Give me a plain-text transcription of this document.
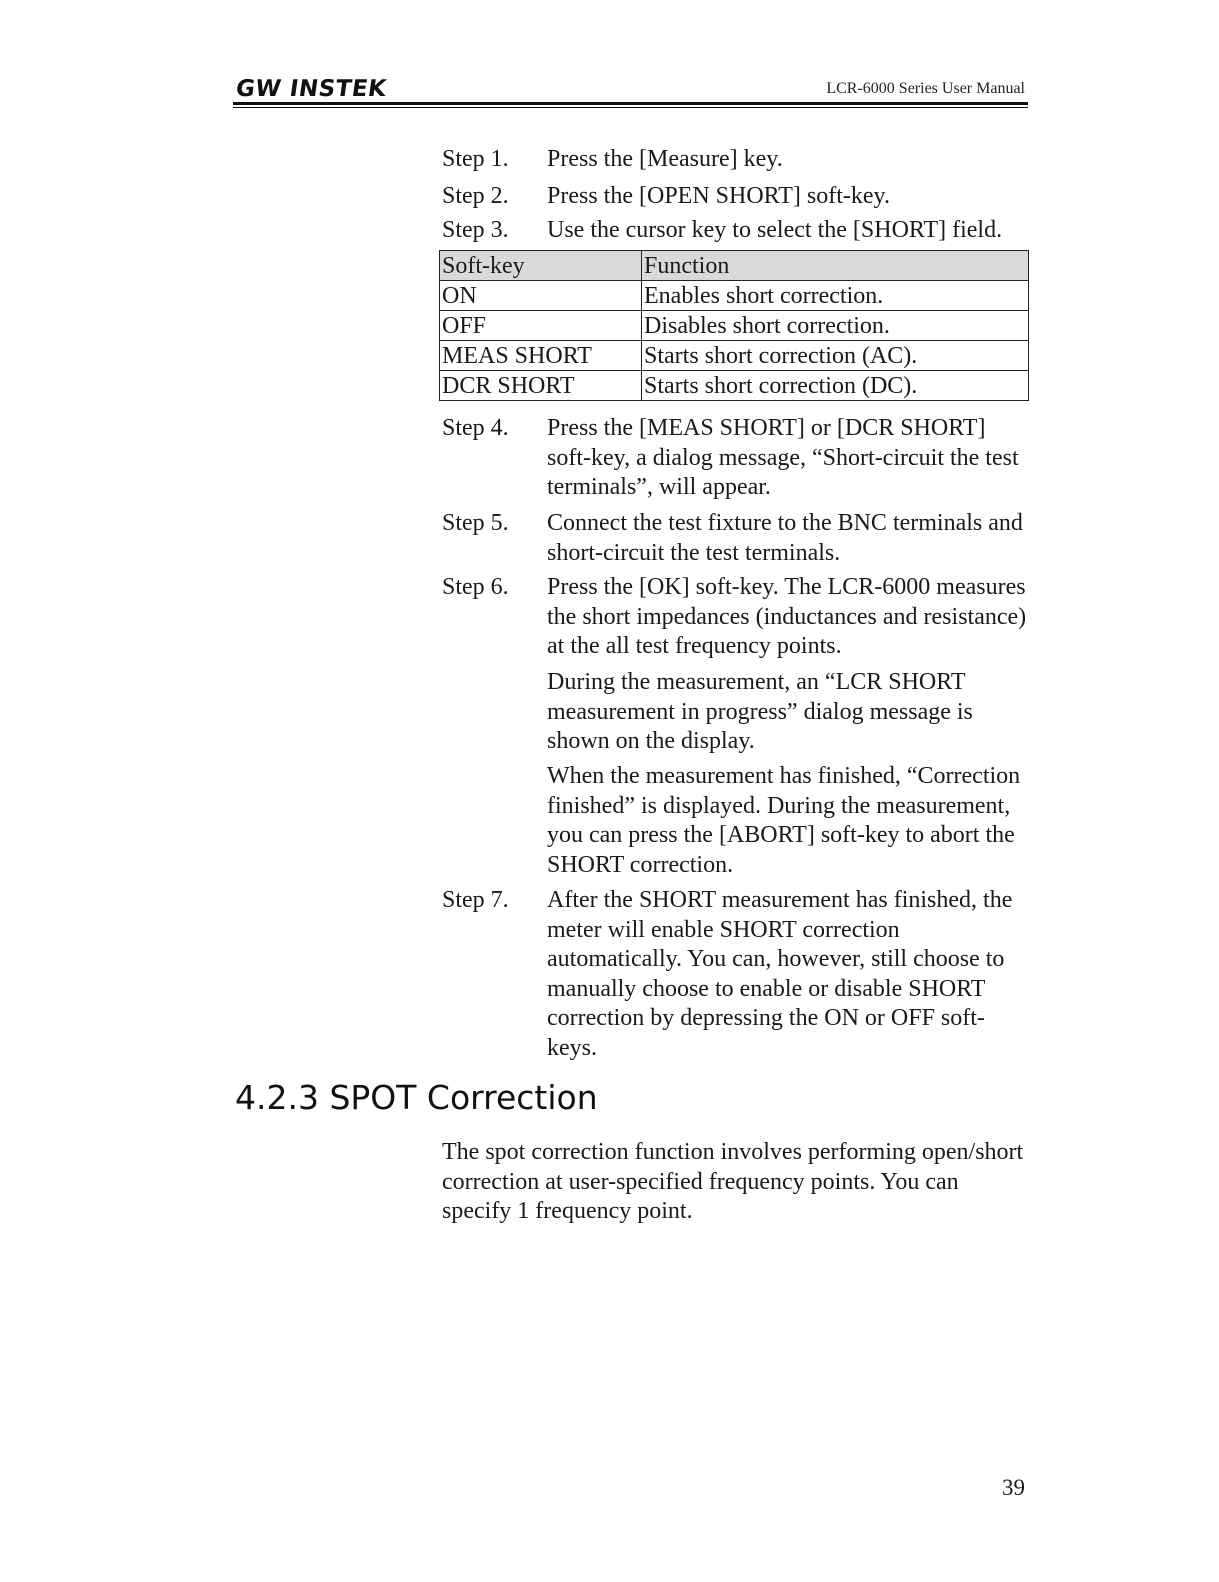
GW INSTEK	LCR-6000 Series User Manual
Step 1. Press the [Measure] key.
Step 2. Press the [OPEN SHORT] soft-key.
Step 3. Use the cursor key to select the [SHORT] field.
Soft-key	Function
ON	Enables short correction.
OFF	Disables short correction.
MEAS SHORT	Starts short correction (AC).
DCR SHORT	Starts short correction (DC).
Step 4. Press the [MEAS SHORT] or [DCR SHORT] soft-key, a dialog message, “Short-circuit the test terminals”, will appear.
Step 5. Connect the test fixture to the BNC terminals and short-circuit the test terminals.
Step 6. Press the [OK] soft-key. The LCR-6000 measures the short impedances (inductances and resistance) at the all test frequency points.
During the measurement, an “LCR SHORT measurement in progress” dialog message is shown on the display.
When the measurement has finished, “Correction finished” is displayed. During the measurement, you can press the [ABORT] soft-key to abort the SHORT correction.
Step 7. After the SHORT measurement has finished, the meter will enable SHORT correction automatically. You can, however, still choose to manually choose to enable or disable SHORT correction by depressing the ON or OFF soft-keys.
4.2.3 SPOT Correction
The spot correction function involves performing open/short correction at user-specified frequency points. You can specify 1 frequency point.
39
